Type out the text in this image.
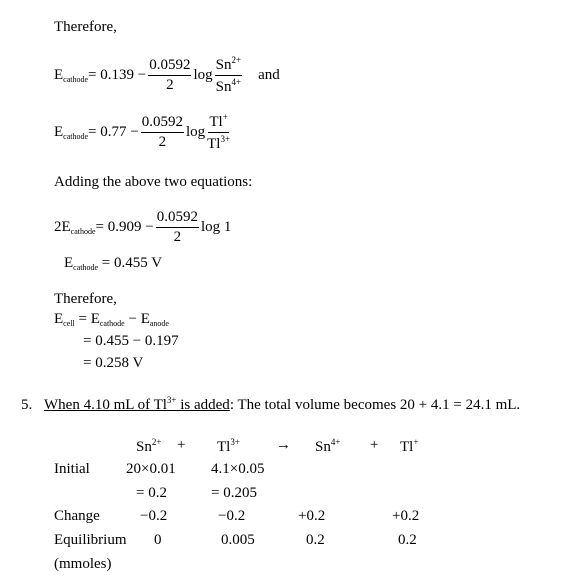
Therefore,
$E_{cathode} = 0.139 - \frac{0.0592}{2}$ $\log \frac{Sn^{2+}}{Sn^{4+}}$ and
$E_{cathode} = 0.77 - \frac{0.0592}{2}$ $\log \frac{Tl^+}{Tl^{3+}}$
Adding the above two equations:
$2E_{cathode} = 0.909 - \frac{0.0592}{2}$ log 1
$E_{cathode} = 0.455$ V
Therefore,
$E_{cell} = E_{cathode} - E_{anode}$
= 0.455 − 0.197
= 0.258 V
5. When 4.10 mL of $Tl^{3+}$ is added: The total volume becomes 20 + 4.1 = 24.1 mL.
$Sn^{2+} + Tl^{3+} \to Sn^{4+} + Tl^+$
Initial 20×0.01 4.1×0.05
= 0.2	= 0.205
Change	−0.2	−0.2	+0.2	+0.2
Equilibrium 0	0.005	0.2	0.2
(mmoles)
